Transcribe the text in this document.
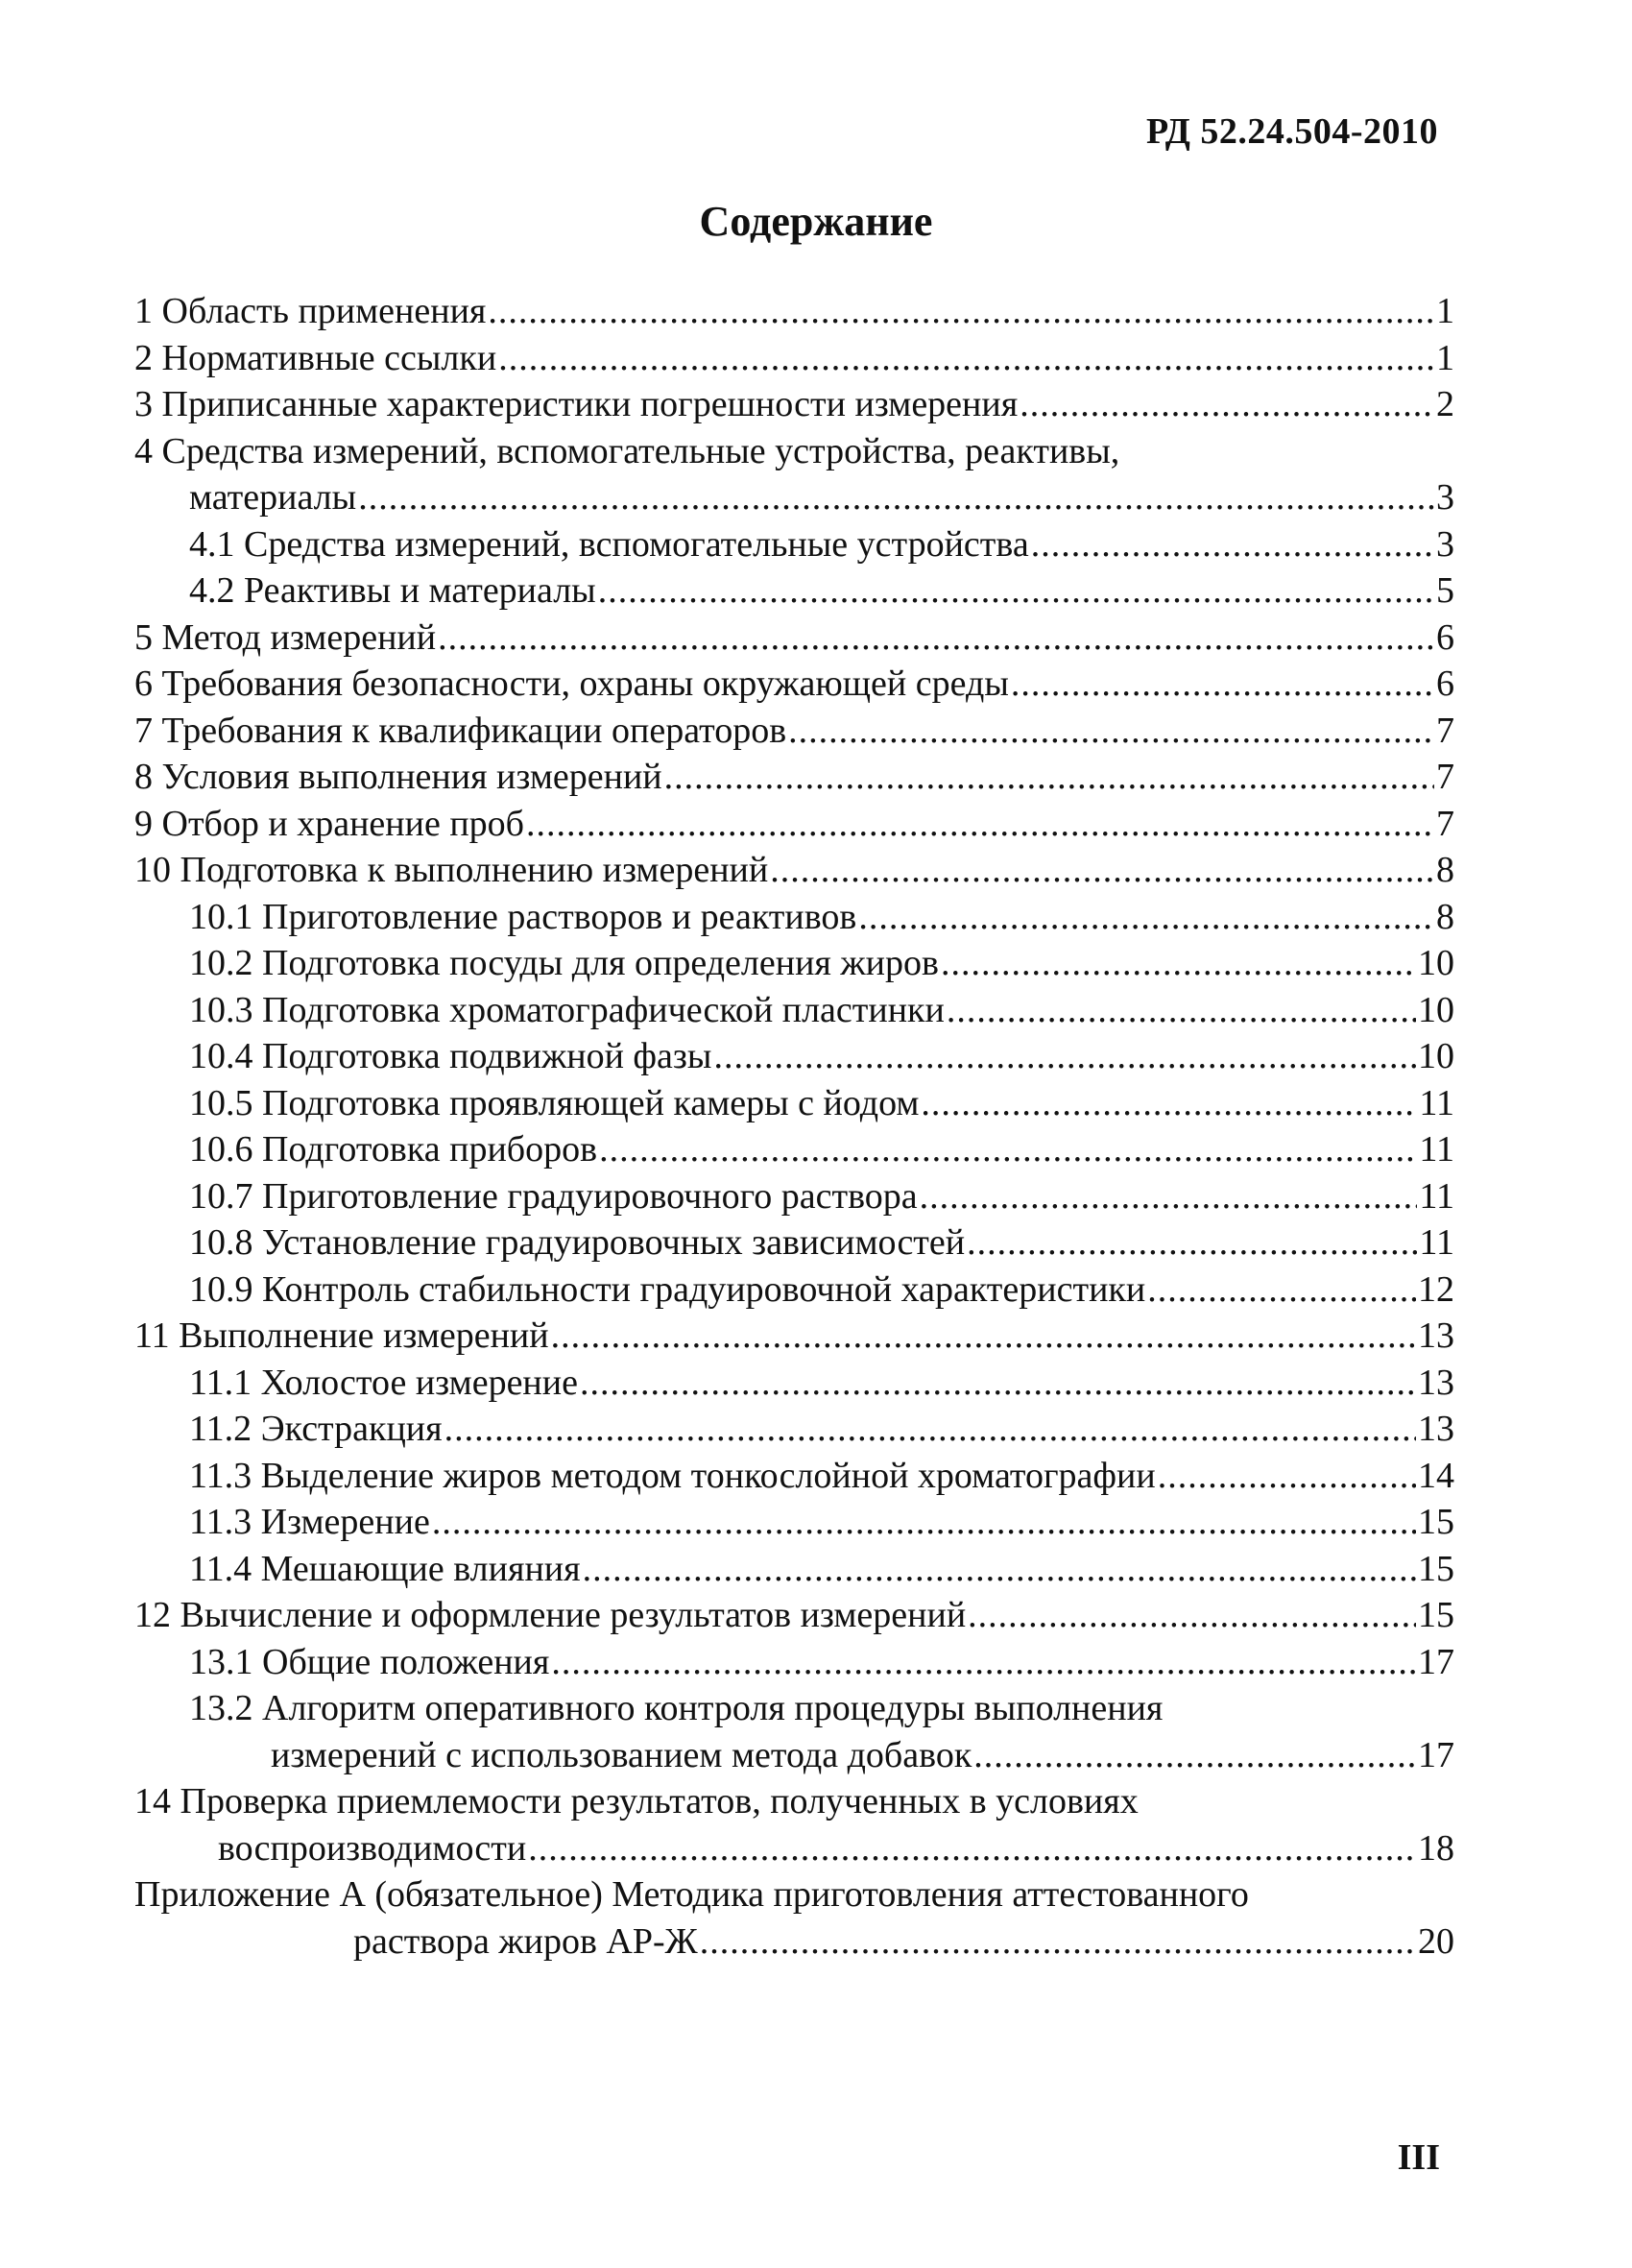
РД 52.24.504-2010
Содержание
1 Область применения .....	1
2 Нормативные ссылки .....	1
3 Приписанные характеристики погрешности измерения .....	2
4 Средства измерений, вспомогательные устройства, реактивы,
материалы .....	3
4.1 Средства измерений, вспомогательные устройства .....	3
4.2 Реактивы и материалы .....	5
5 Метод измерений .....	6
6 Требования безопасности, охраны окружающей среды .....	6
7 Требования к квалификации операторов .....	7
8 Условия выполнения измерений .....	7
9 Отбор и хранение проб .....	7
10 Подготовка к выполнению измерений .....	8
10.1 Приготовление растворов и реактивов .....	8
10.2 Подготовка посуды для определения жиров .....	10
10.3 Подготовка хроматографической пластинки .....	10
10.4 Подготовка подвижной фазы .....	10
10.5 Подготовка проявляющей камеры с йодом .....	11
10.6 Подготовка приборов .....	11
10.7 Приготовление градуировочного раствора .....	11
10.8 Установление градуировочных зависимостей .....	11
10.9 Контроль стабильности градуировочной характеристики .....	12
11 Выполнение измерений .....	13
11.1 Холостое измерение .....	13
11.2 Экстракция .....	13
11.3 Выделение жиров методом тонкослойной хроматографии .....	14
11.3 Измерение .....	15
11.4 Мешающие влияния .....	15
12 Вычисление и оформление результатов измерений .....	15
13.1 Общие положения .....	17
13.2 Алгоритм оперативного контроля процедуры выполнения
измерений с использованием метода добавок .....	17
14 Проверка приемлемости результатов, полученных в условиях
воспроизводимости .....	18
Приложение А (обязательное) Методика приготовления аттестованного
раствора жиров АР-Ж .....	20
III
